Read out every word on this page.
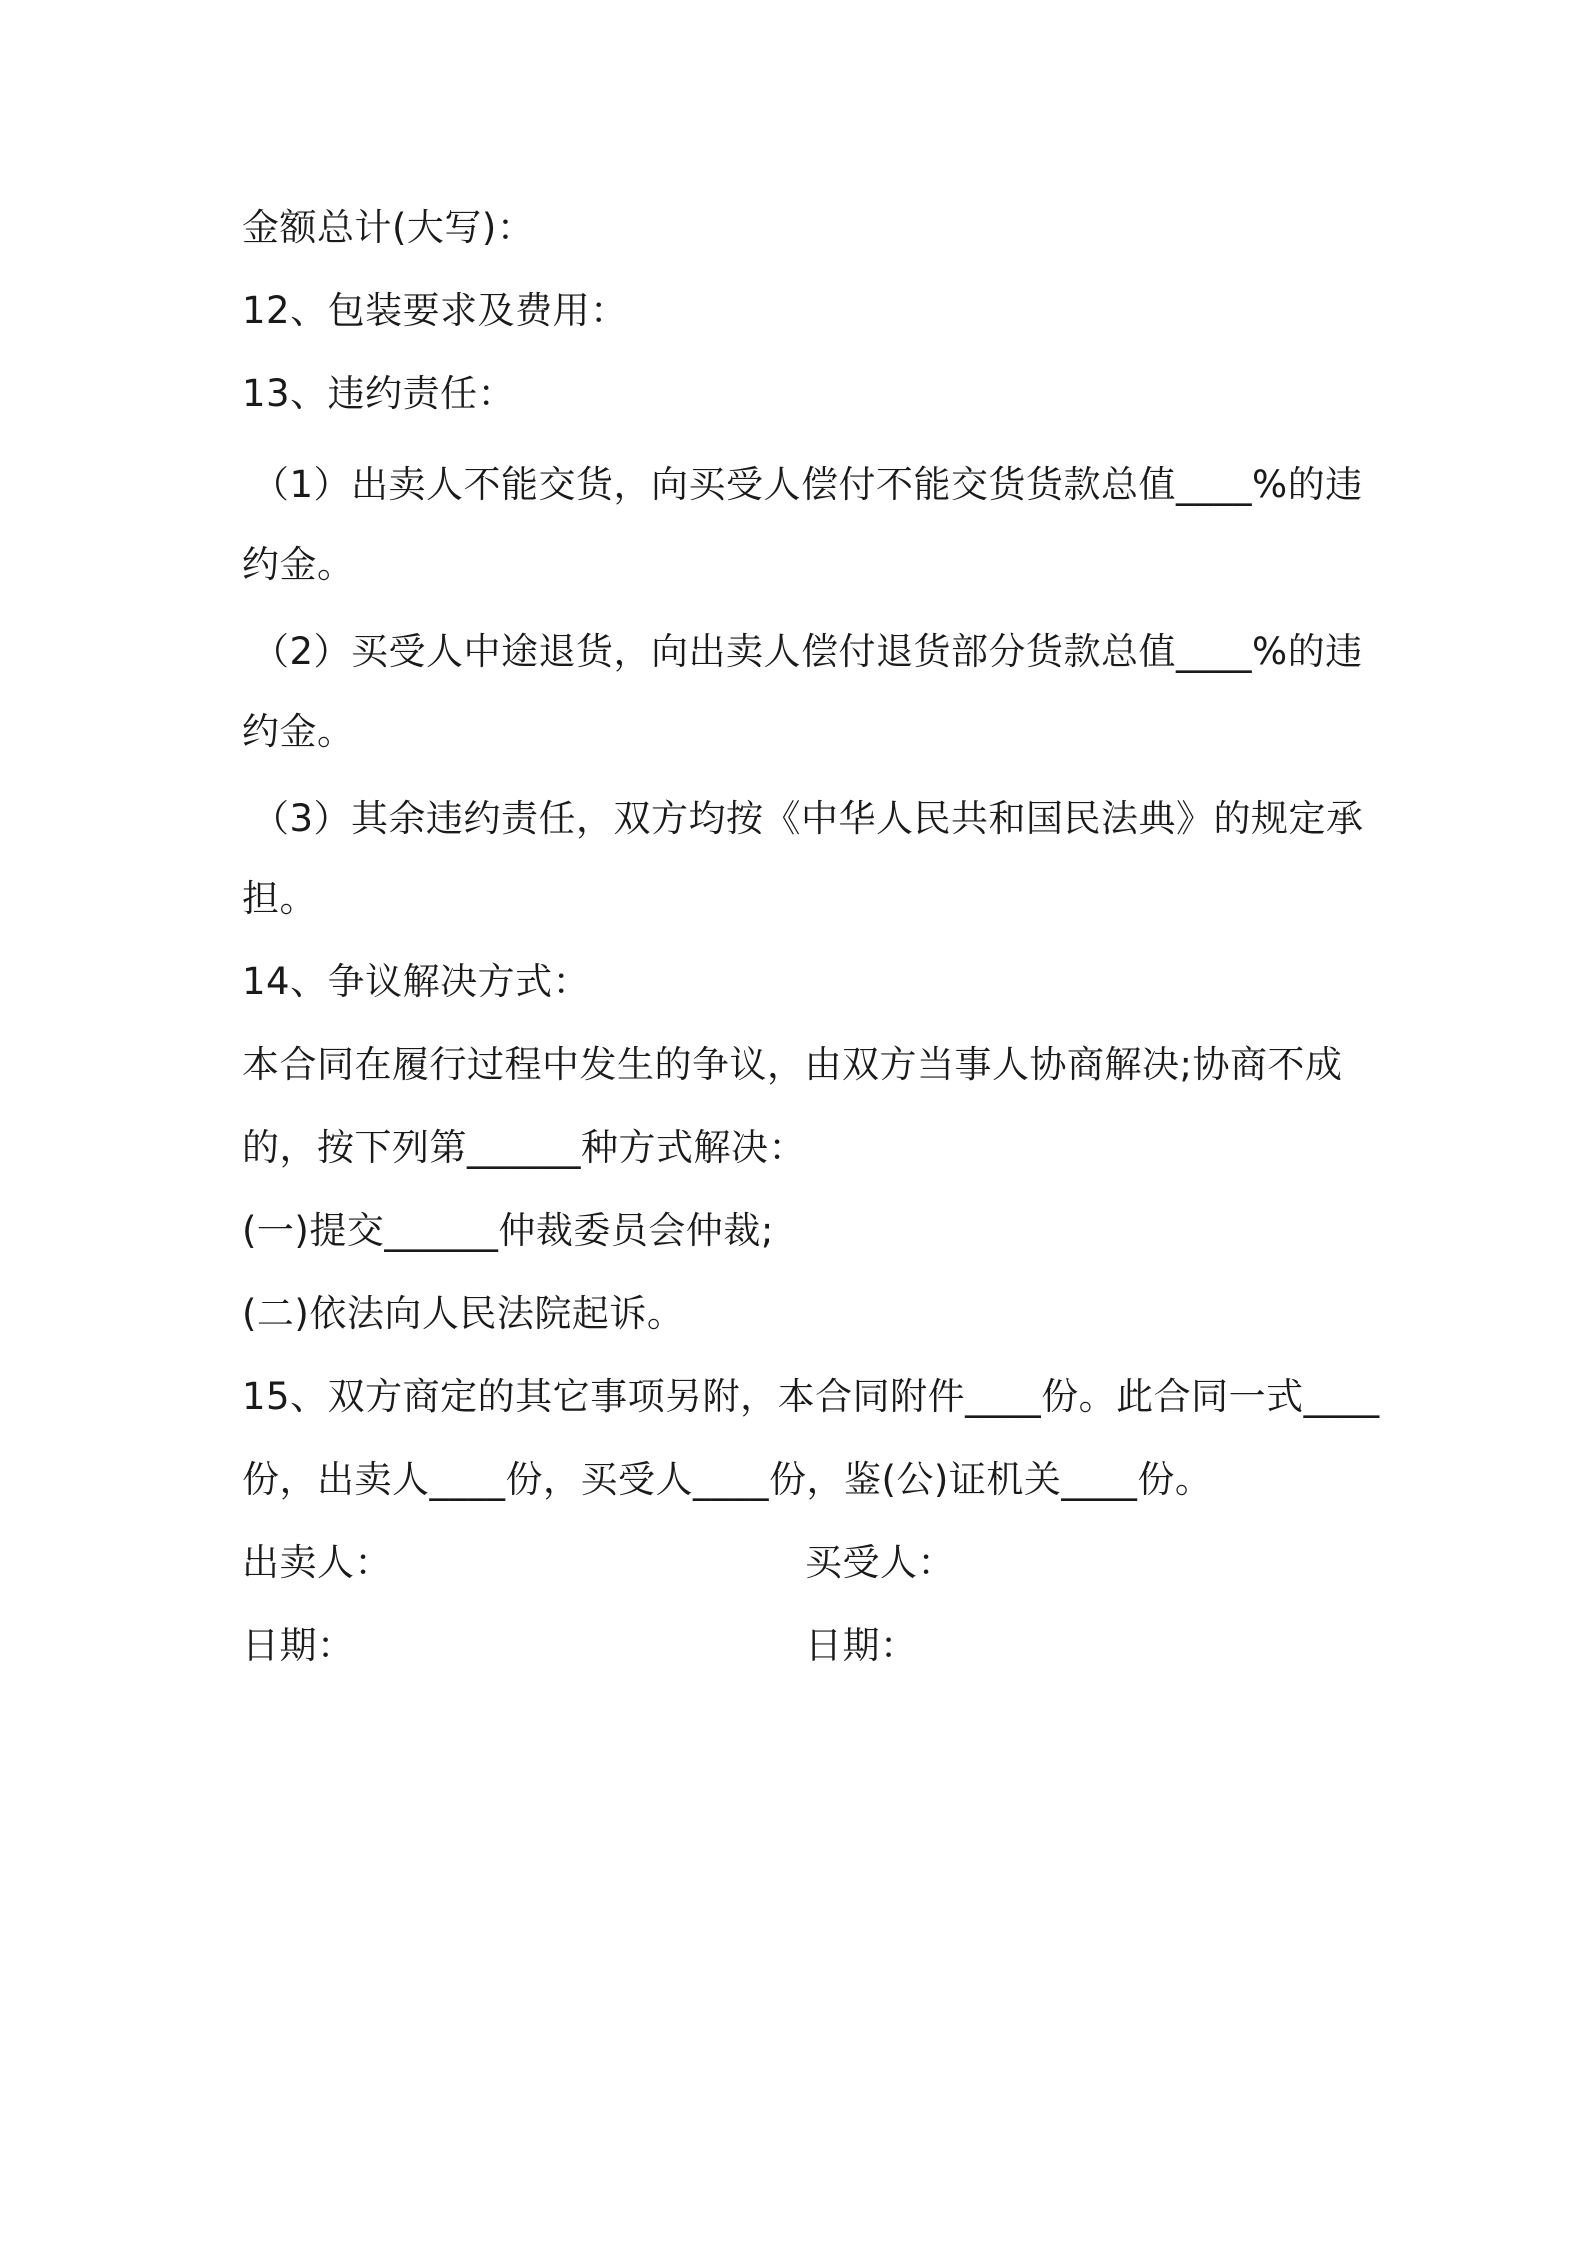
金额总计(大写)：
12、包装要求及费用：
13、违约责任：
（1）出卖人不能交货，向买受人偿付不能交货货款总值____%的违
约金。
（2）买受人中途退货，向出卖人偿付退货部分货款总值____%的违
约金。
（3）其余违约责任，双方均按《中华人民共和国民法典》的规定承
担。
14、争议解决方式：
本合同在履行过程中发生的争议，由双方当事人协商解决;协商不成
的，按下列第______种方式解决：
(一)提交______仲裁委员会仲裁;
(二)依法向人民法院起诉。
15、双方商定的其它事项另附，本合同附件____份。此合同一式____
份，出卖人____份，买受人____份，鉴(公)证机关____份。
出卖人：	买受人：
日期：	日期：
